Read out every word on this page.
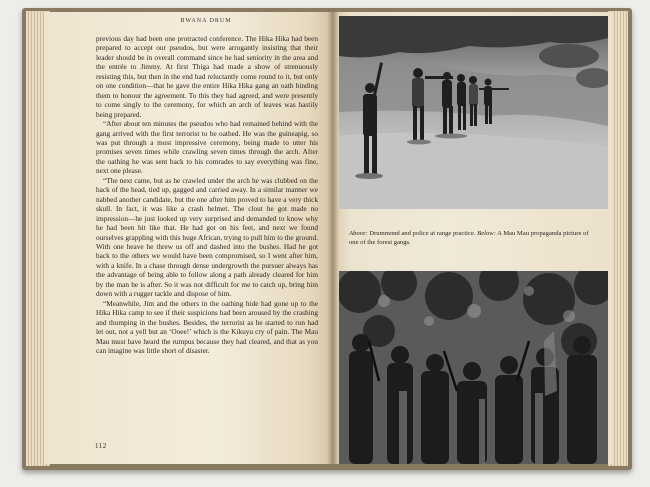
BWANA DRUM

previous day had been one protracted conference. The Hika Hika had been prepared to accept our pseudos, but were arrogantly insisting that their leader should be in overall command since he had seniority in the area and the entrée to Jimmy. At first Thiga had made a show of strenuously resisting this, but then in the end had reluctantly come round to it, but only on one condition—that he gave the entire Hika Hika gang an oath binding them to honour the agreement. To this they had agreed, and were presently to come singly to the ceremony, for which an arch of leaves was hastily being prepared.

“After about ten minutes the pseudos who had remained behind with the gang arrived with the first terrorist to be oathed. He was the guineapig, so was put through a most impressive ceremony, being made to utter his promises seven times while crawling seven times through the arch. After the oathing he was sent back to his comrades to say everything was fine, next one please.

“The next came, but as he crawled under the arch he was clubbed on the back of the head, tied up, gagged and carried away. In a similar manner we nabbed another candidate, but the one after him proved to have a very thick skull. In fact, it was like a crash helmet. The clout he got made no impression—he just looked up very surprised and demanded to know why he had been hit like that. He had got on his feet, and next we found ourselves grappling with this huge African, trying to pull him to the ground. With one heave he threw us off and dashed into the bushes. Had he got back to the others we would have been compromised, so I went after him, with a knife. In a chase through dense undergrowth the pursuer always has the advantage of being able to follow along a path already cleared for him by the man he is after. So it was not difficult for me to catch up, bring him down with a rugger tackle and dispose of him.

“Meanwhile, Jim and the others in the oathing hide had gone up to the Hika Hika camp to see if their suspicions had been aroused by the crashing and thumping in the bushes. Besides, the terrorist as he started to run had let out, not a yell but an ‘Ooee!’ which is the Kikuyu cry of pain. The Mau Mau must have heard the rumpus because they had cleared, and that as you can imagine was little short of disaster.

112
Above: Drummond and police at range practice. Below: A Mau Mau propaganda picture of one of the forest gangs.
